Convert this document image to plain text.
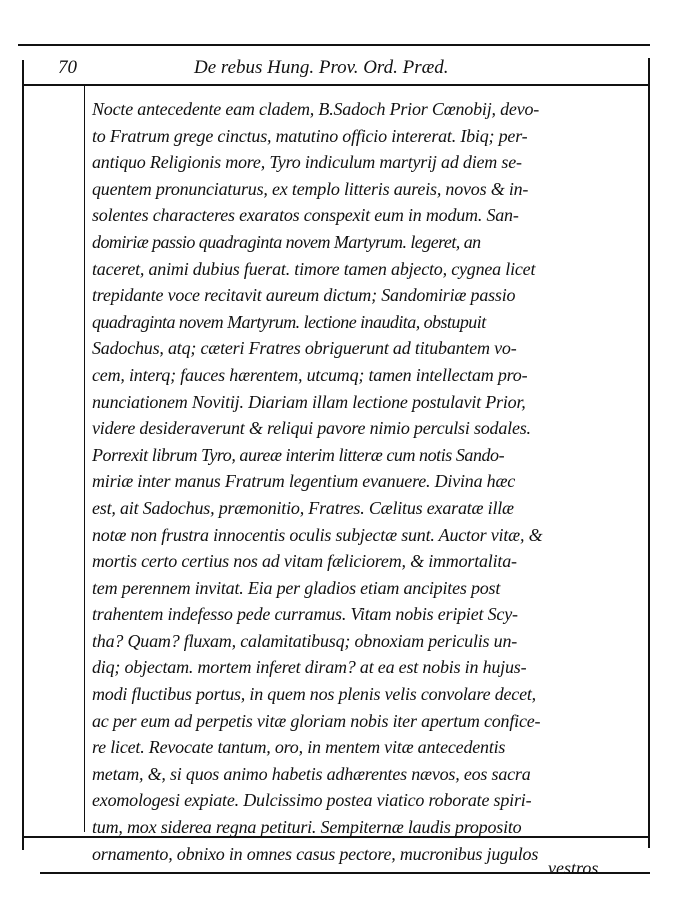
70	De rebus Hung. Prov. Ord. Præd.
Nocte antecedente eam cladem, B.Sadoch Prior Cœnobij, devo-
to Fratrum grege cinctus, matutino officio intererat. Ibiq; per-
antiquo Religionis more, Tyro indiculum martyrij ad diem se-
quentem pronunciaturus, ex templo litteris aureis, novos & in-
solentes characteres exaratos conspexit eum in modum. San-
domiriæ passio quadraginta novem Martyrum. legeret, an
taceret, animi dubius fuerat. timore tamen abjecto, cygnea licet
trepidante voce recitavit aureum dictum; Sandomiriæ passio
quadraginta novem Martyrum. lectione inaudita, obstupuit
Sadochus, atq; cæteri Fratres obriguerunt ad titubantem vo-
cem, interq; fauces hærentem, utcumq; tamen intellectam pro-
nunciationem Novitij. Diariam illam lectione postulavit Prior,
videre desideraverunt & reliqui pavore nimio perculsi sodales.
Porrexit librum Tyro, aureæ interim litteræ cum notis Sando-
miriæ inter manus Fratrum legentium evanuere. Divina hæc
est, ait Sadochus, præmonitio, Fratres. Cælitus exaratæ illæ
notæ non frustra innocentis oculis subjectæ sunt. Auctor vitæ, &
mortis certo certius nos ad vitam fæliciorem, & immortalita-
tem perennem invitat. Eia per gladios etiam ancipites post
trahentem indefesso pede curramus. Vitam nobis eripiet Scy-
tha? Quam? fluxam, calamitatibusq; obnoxiam periculis un-
diq; objectam. mortem inferet diram? at ea est nobis in hujus-
modi fluctibus portus, in quem nos plenis velis convolare decet,
ac per eum ad perpetis vitæ gloriam nobis iter apertum confice-
re licet. Revocate tantum, oro, in mentem vitæ antecedentis
metam, &, si quos animo habetis adhærentes nævos, eos sacra
exomologesi expiate. Dulcissimo postea viatico roborate spiri-
tum, mox siderea regna petituri. Sempiternæ laudis proposito
ornamento, obnixo in omnes casus pectore, mucronibus jugulos
vestros
